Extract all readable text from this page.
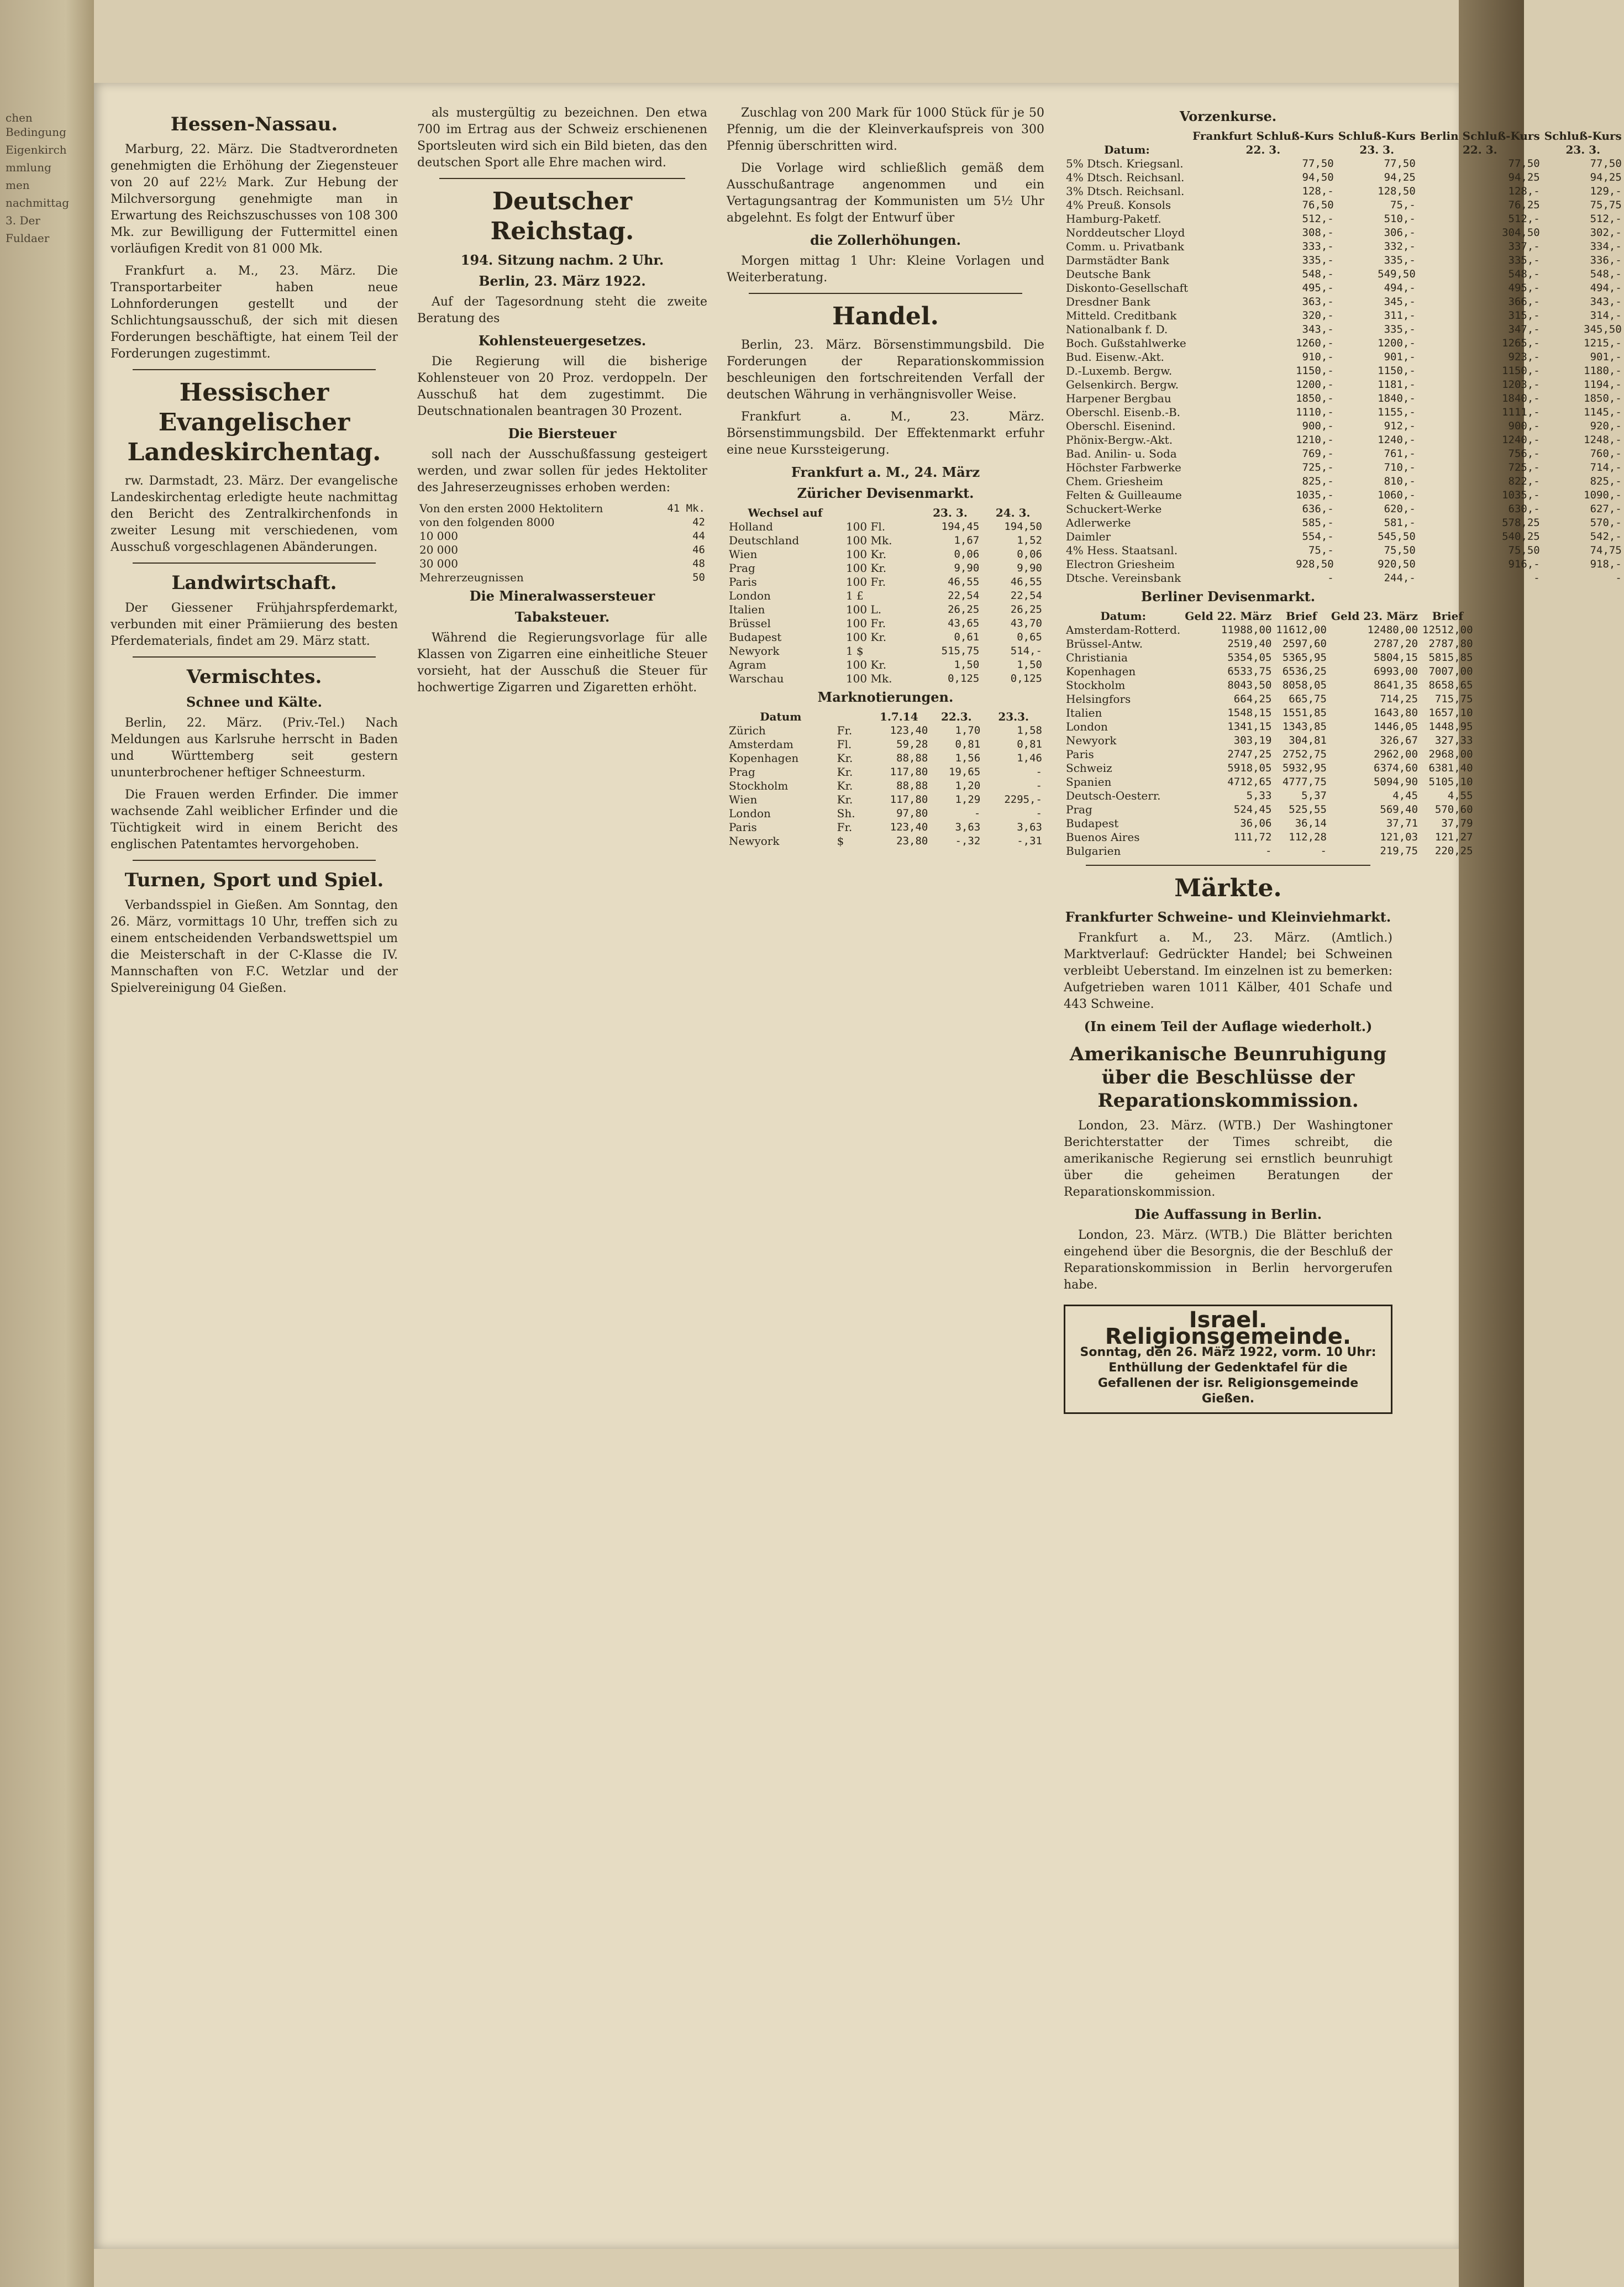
chen Bedingung

Eigenkirch

mmlung

men

nachmittag

3. Der

Fuldaer

Hessen-Nassau.

Marburg, 22. März. Die Stadtverordneten genehmigten die Erhöhung der Ziegensteuer von 20 auf 22½ Mark. Zur Hebung der Milchversorgung genehmigte man in Erwartung des Reichszuschusses von 108 300 Mk. zur Bewilligung der Futtermittel einen vorläufigen Kredit von 81 000 Mk.

Frankfurt a. M., 23. März. Die Transportarbeiter haben neue Lohnforderungen gestellt und der Schlichtungsausschuß, der sich mit diesen Forderungen beschäftigte, hat einem Teil der Forderungen zugestimmt.

Hessischer Evangelischer Landeskirchentag.

rw. Darmstadt, 23. März. Der evangelische Landeskirchentag erledigte heute nachmittag den Bericht des Zentralkirchenfonds in zweiter Lesung mit verschiedenen, vom Ausschuß vorgeschlagenen Abänderungen.

Landwirtschaft.

Der Giessener Frühjahrspferdemarkt, verbunden mit einer Prämiierung des besten Pferdematerials, findet am 29. März statt.

Vermischtes.
Schnee und Kälte.

Berlin, 22. März. (Priv.-Tel.) Nach Meldungen aus Karlsruhe herrscht in Baden und Württemberg seit gestern ununterbrochener heftiger Schneesturm.

Die Frauen werden Erfinder. Die immer wachsende Zahl weiblicher Erfinder und die Tüchtigkeit wird in einem Bericht des englischen Patentamtes hervorgehoben.

Turnen, Sport und Spiel.

Verbandsspiel in Gießen. Am Sonntag, den 26. März, vormittags 10 Uhr, treffen sich zu einem entscheidenden Verbandswettspiel um die Meisterschaft in der C-Klasse die IV. Mannschaften von F.C. Wetzlar und der Spielvereinigung 04 Gießen.

als mustergültig zu bezeichnen. Den etwa 700 im Ertrag aus der Schweiz erschienenen Sportsleuten wird sich ein Bild bieten, das den deutschen Sport alle Ehre machen wird.

Deutscher Reichstag.
194. Sitzung nachm. 2 Uhr.
Berlin, 23. März 1922.

Auf der Tagesordnung steht die zweite Beratung des

Kohlensteuergesetzes.

Die Regierung will die bisherige Kohlensteuer von 20 Proz. verdoppeln. Der Ausschuß hat dem zugestimmt. Die Deutschnationalen beantragen 30 Prozent.

Die Biersteuer

soll nach der Ausschußfassung gesteigert werden, und zwar sollen für jedes Hektoliter des Jahreserzeugnisses erhoben werden:

Von den ersten 2000 Hektolitern	41 Mk.
von den folgenden 8000	42
10 000	44
20 000	46
30 000	48
Mehrerzeugnissen	50
Die Mineralwassersteuer
Tabaksteuer.

Während die Regierungsvorlage für alle Klassen von Zigarren eine einheitliche Steuer vorsieht, hat der Ausschuß die Steuer für hochwertige Zigarren und Zigaretten erhöht.

Zuschlag von 200 Mark für 1000 Stück für je 50 Pfennig, um die der Kleinverkaufspreis von 300 Pfennig überschritten wird.

Die Vorlage wird schließlich gemäß dem Ausschußantrage angenommen und ein Vertagungsantrag der Kommunisten um 5½ Uhr abgelehnt. Es folgt der Entwurf über

die Zollerhöhungen.

Morgen mittag 1 Uhr: Kleine Vorlagen und Weiterberatung.

Handel.

Berlin, 23. März. Börsenstimmungsbild. Die Forderungen der Reparationskommission beschleunigen den fortschreitenden Verfall der deutschen Währung in verhängnisvoller Weise.

Frankfurt a. M., 23. März. Börsenstimmungsbild. Der Effektenmarkt erfuhr eine neue Kurssteigerung.

Frankfurt a. M., 24. März
Züricher Devisenmarkt.
Wechsel auf		23. 3.	24. 3.
Holland	100 Fl.	194,45	194,50
Deutschland	100 Mk.	1,67	1,52
Wien	100 Kr.	0,06	0,06
Prag	100 Kr.	9,90	9,90
Paris	100 Fr.	46,55	46,55
London	1 £	22,54	22,54
Italien	100 L.	26,25	26,25
Brüssel	100 Fr.	43,65	43,70
Budapest	100 Kr.	0,61	0,65
Newyork	1 $	515,75	514,-
Agram	100 Kr.	1,50	1,50
Warschau	100 Mk.	0,125	0,125
Marknotierungen.
Datum		1.7.14	22.3.	23.3.
Zürich	Fr.	123,40	1,70	1,58
Amsterdam	Fl.	59,28	0,81	0,81
Kopenhagen	Kr.	88,88	1,56	1,46
Prag	Kr.	117,80	19,65	-
Stockholm	Kr.	88,88	1,20	-
Wien	Kr.	117,80	1,29	2295,-
London	Sh.	97,80	-	-
Paris	Fr.	123,40	3,63	3,63
Newyork	$	23,80	-,32	-,31
Vorzenkurse.
	Frankfurt Schluß-Kurs	Schluß-Kurs	Berlin Schluß-Kurs	Schluß-Kurs
Datum:	22. 3.	23. 3.	22. 3.	23. 3.
5% Dtsch. Kriegsanl.	77,50	77,50	77,50	77,50
4% Dtsch. Reichsanl.	94,50	94,25	94,25	94,25
3% Dtsch. Reichsanl.	128,-	128,50	128,-	129,-
4% Preuß. Konsols	76,50	75,-	76,25	75,75
Hamburg-Paketf.	512,-	510,-	512,-	512,-
Norddeutscher Lloyd	308,-	306,-	304,50	302,-
Comm. u. Privatbank	333,-	332,-	337,-	334,-
Darmstädter Bank	335,-	335,-	335,-	336,-
Deutsche Bank	548,-	549,50	548,-	548,-
Diskonto-Gesellschaft	495,-	494,-	495,-	494,-
Dresdner Bank	363,-	345,-	366,-	343,-
Mitteld. Creditbank	320,-	311,-	315,-	314,-
Nationalbank f. D.	343,-	335,-	347,-	345,50
Boch. Gußstahlwerke	1260,-	1200,-	1265,-	1215,-
Bud. Eisenw.-Akt.	910,-	901,-	923,-	901,-
D.-Luxemb. Bergw.	1150,-	1150,-	1150,-	1180,-
Gelsenkirch. Bergw.	1200,-	1181,-	1203,-	1194,-
Harpener Bergbau	1850,-	1840,-	1840,-	1850,-
Oberschl. Eisenb.-B.	1110,-	1155,-	1111,-	1145,-
Oberschl. Eisenind.	900,-	912,-	900,-	920,-
Phönix-Bergw.-Akt.	1210,-	1240,-	1240,-	1248,-
Bad. Anilin- u. Soda	769,-	761,-	756,-	760,-
Höchster Farbwerke	725,-	710,-	725,-	714,-
Chem. Griesheim	825,-	810,-	822,-	825,-
Felten & Guilleaume	1035,-	1060,-	1035,-	1090,-
Schuckert-Werke	636,-	620,-	630,-	627,-
Adlerwerke	585,-	581,-	578,25	570,-
Daimler	554,-	545,50	540,25	542,-
4% Hess. Staatsanl.	75,-	75,50	75,50	74,75
Electron Griesheim	928,50	920,50	916,-	918,-
Dtsche. Vereinsbank	-	244,-	-	-
Berliner Devisenmarkt.
Datum:	Geld 22. März	Brief	Geld 23. März	Brief
Amsterdam-Rotterd.	11988,00	11612,00	12480,00	12512,00
Brüssel-Antw.	2519,40	2597,60	2787,20	2787,80
Christiania	5354,05	5365,95	5804,15	5815,85
Kopenhagen	6533,75	6536,25	6993,00	7007,00
Stockholm	8043,50	8058,05	8641,35	8658,65
Helsingfors	664,25	665,75	714,25	715,75
Italien	1548,15	1551,85	1643,80	1657,10
London	1341,15	1343,85	1446,05	1448,95
Newyork	303,19	304,81	326,67	327,33
Paris	2747,25	2752,75	2962,00	2968,00
Schweiz	5918,05	5932,95	6374,60	6381,40
Spanien	4712,65	4777,75	5094,90	5105,10
Deutsch-Oesterr.	5,33	5,37	4,45	4,55
Prag	524,45	525,55	569,40	570,60
Budapest	36,06	36,14	37,71	37,79
Buenos Aires	111,72	112,28	121,03	121,27
Bulgarien	-	-	219,75	220,25
Märkte.
Frankfurter Schweine- und Kleinviehmarkt.

Frankfurt a. M., 23. März. (Amtlich.) Marktverlauf: Gedrückter Handel; bei Schweinen verbleibt Ueberstand. Im einzelnen ist zu bemerken: Aufgetrieben waren 1011 Kälber, 401 Schafe und 443 Schweine.

(In einem Teil der Auflage wiederholt.)
Amerikanische Beunruhigung über die Beschlüsse der Reparationskommission.

London, 23. März. (WTB.) Der Washingtoner Berichterstatter der Times schreibt, die amerikanische Regierung sei ernstlich beunruhigt über die geheimen Beratungen der Reparationskommission.

Die Auffassung in Berlin.

London, 23. März. (WTB.) Die Blätter berichten eingehend über die Besorgnis, die der Beschluß der Reparationskommission in Berlin hervorgerufen habe.

Israel. Religionsgemeinde.
Sonntag, den 26. März 1922, vorm. 10 Uhr: Enthüllung der Gedenktafel für die Gefallenen der isr. Religionsgemeinde Gießen.
